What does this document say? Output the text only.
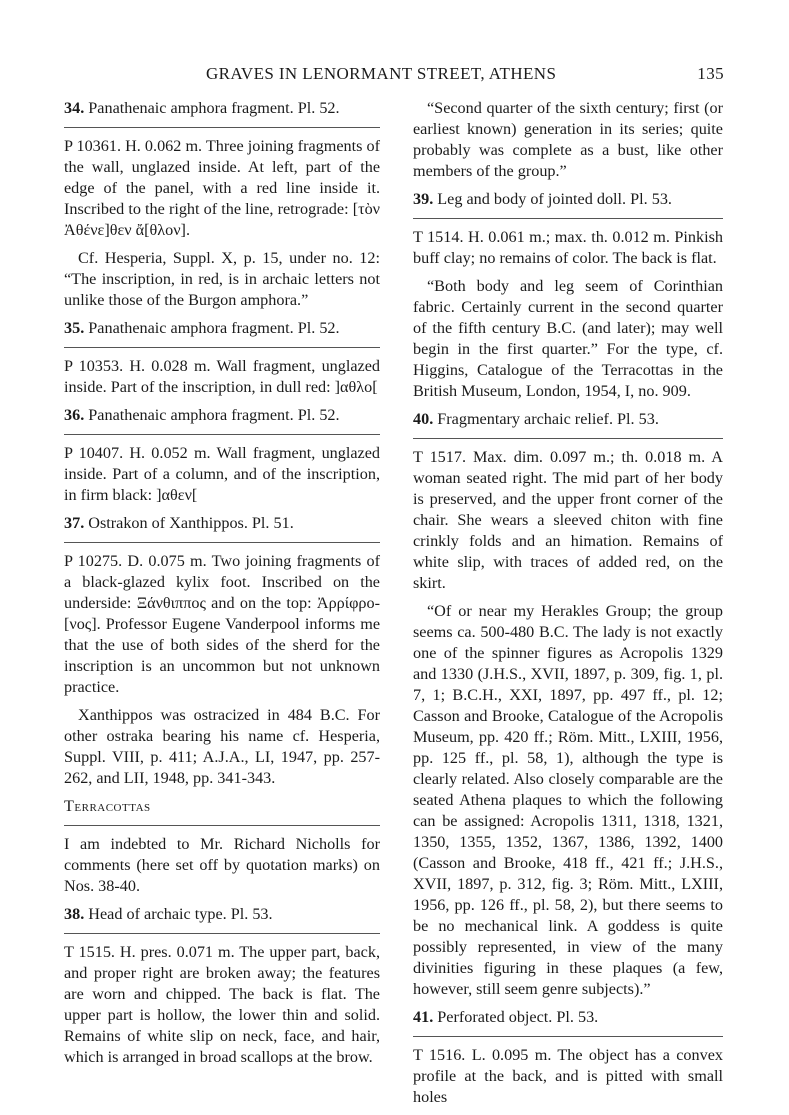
GRAVES IN LENORMANT STREET, ATHENS	135
34. Panathenaic amphora fragment. Pl. 52.
P 10361. H. 0.062 m. Three joining fragments of the wall, unglazed inside. At left, part of the edge of the panel, with a red line inside it. Inscribed to the right of the line, retrograde: [τὸν Ἀθένε]θεν ἄ[θλον].
Cf. Hesperia, Suppl. X, p. 15, under no. 12: “The inscription, in red, is in archaic letters not unlike those of the Burgon amphora.”
35. Panathenaic amphora fragment. Pl. 52.
P 10353. H. 0.028 m. Wall fragment, unglazed inside. Part of the inscription, in dull red: ]αθλο[
36. Panathenaic amphora fragment. Pl. 52.
P 10407. H. 0.052 m. Wall fragment, unglazed inside. Part of a column, and of the inscription, in firm black: ]αθεν[
37. Ostrakon of Xanthippos. Pl. 51.
P 10275. D. 0.075 m. Two joining fragments of a black-glazed kylix foot. Inscribed on the underside: Ξάνθιππος and on the top: Ἀρρίφρο-[νος]. Professor Eugene Vanderpool informs me that the use of both sides of the sherd for the inscription is an uncommon but not unknown practice.
Xanthippos was ostracized in 484 B.C. For other ostraka bearing his name cf. Hesperia, Suppl. VIII, p. 411; A.J.A., LI, 1947, pp. 257-262, and LII, 1948, pp. 341-343.
Terracottas
I am indebted to Mr. Richard Nicholls for comments (here set off by quotation marks) on Nos. 38-40.
38. Head of archaic type. Pl. 53.
T 1515. H. pres. 0.071 m. The upper part, back, and proper right are broken away; the features are worn and chipped. The back is flat. The upper part is hollow, the lower thin and solid. Remains of white slip on neck, face, and hair, which is arranged in broad scallops at the brow.
“Second quarter of the sixth century; first (or earliest known) generation in its series; quite probably was complete as a bust, like other members of the group.”
39. Leg and body of jointed doll. Pl. 53.
T 1514. H. 0.061 m.; max. th. 0.012 m. Pinkish buff clay; no remains of color. The back is flat.
“Both body and leg seem of Corinthian fabric. Certainly current in the second quarter of the fifth century B.C. (and later); may well begin in the first quarter.” For the type, cf. Higgins, Catalogue of the Terracottas in the British Museum, London, 1954, I, no. 909.
40. Fragmentary archaic relief. Pl. 53.
T 1517. Max. dim. 0.097 m.; th. 0.018 m. A woman seated right. The mid part of her body is preserved, and the upper front corner of the chair. She wears a sleeved chiton with fine crinkly folds and an himation. Remains of white slip, with traces of added red, on the skirt.
“Of or near my Herakles Group; the group seems ca. 500-480 B.C. The lady is not exactly one of the spinner figures as Acropolis 1329 and 1330 (J.H.S., XVII, 1897, p. 309, fig. 1, pl. 7, 1; B.C.H., XXI, 1897, pp. 497 ff., pl. 12; Casson and Brooke, Catalogue of the Acropolis Museum, pp. 420 ff.; Röm. Mitt., LXIII, 1956, pp. 125 ff., pl. 58, 1), although the type is clearly related. Also closely comparable are the seated Athena plaques to which the following can be assigned: Acropolis 1311, 1318, 1321, 1350, 1355, 1352, 1367, 1386, 1392, 1400 (Casson and Brooke, 418 ff., 421 ff.; J.H.S., XVII, 1897, p. 312, fig. 3; Röm. Mitt., LXIII, 1956, pp. 126 ff., pl. 58, 2), but there seems to be no mechanical link. A goddess is quite possibly represented, in view of the many divinities figuring in these plaques (a few, however, still seem genre subjects).”
41. Perforated object. Pl. 53.
T 1516. L. 0.095 m. The object has a convex profile at the back, and is pitted with small holes
